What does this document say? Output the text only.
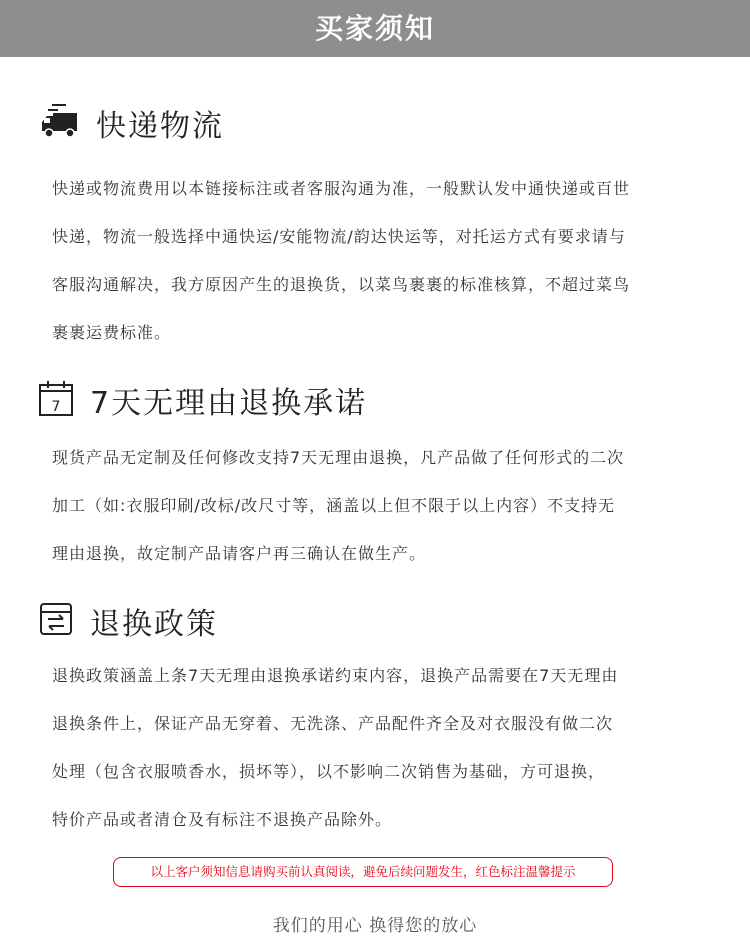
买家须知
快递物流
快递或物流费用以本链接标注或者客服沟通为准，一般默认发中通快递或百世
快递，物流一般选择中通快运/安能物流/韵达快运等，对托运方式有要求请与
客服沟通解决，我方原因产生的退换货，以菜鸟裹裹的标准核算，不超过菜鸟
裹裹运费标准。
7 7天无理由退换承诺
现货产品无定制及任何修改支持7天无理由退换，凡产品做了任何形式的二次
加工（如:衣服印刷/改标/改尺寸等，涵盖以上但不限于以上内容）不支持无
理由退换，故定制产品请客户再三确认在做生产。
退换政策
退换政策涵盖上条7天无理由退换承诺约束内容，退换产品需要在7天无理由
退换条件上，保证产品无穿着、无洗涤、产品配件齐全及对衣服没有做二次
处理（包含衣服喷香水，损坏等），以不影响二次销售为基础，方可退换，
特价产品或者清仓及有标注不退换产品除外。
以上客户须知信息请购买前认真阅读，避免后续问题发生，红色标注温馨提示
我们的用心 换得您的放心
